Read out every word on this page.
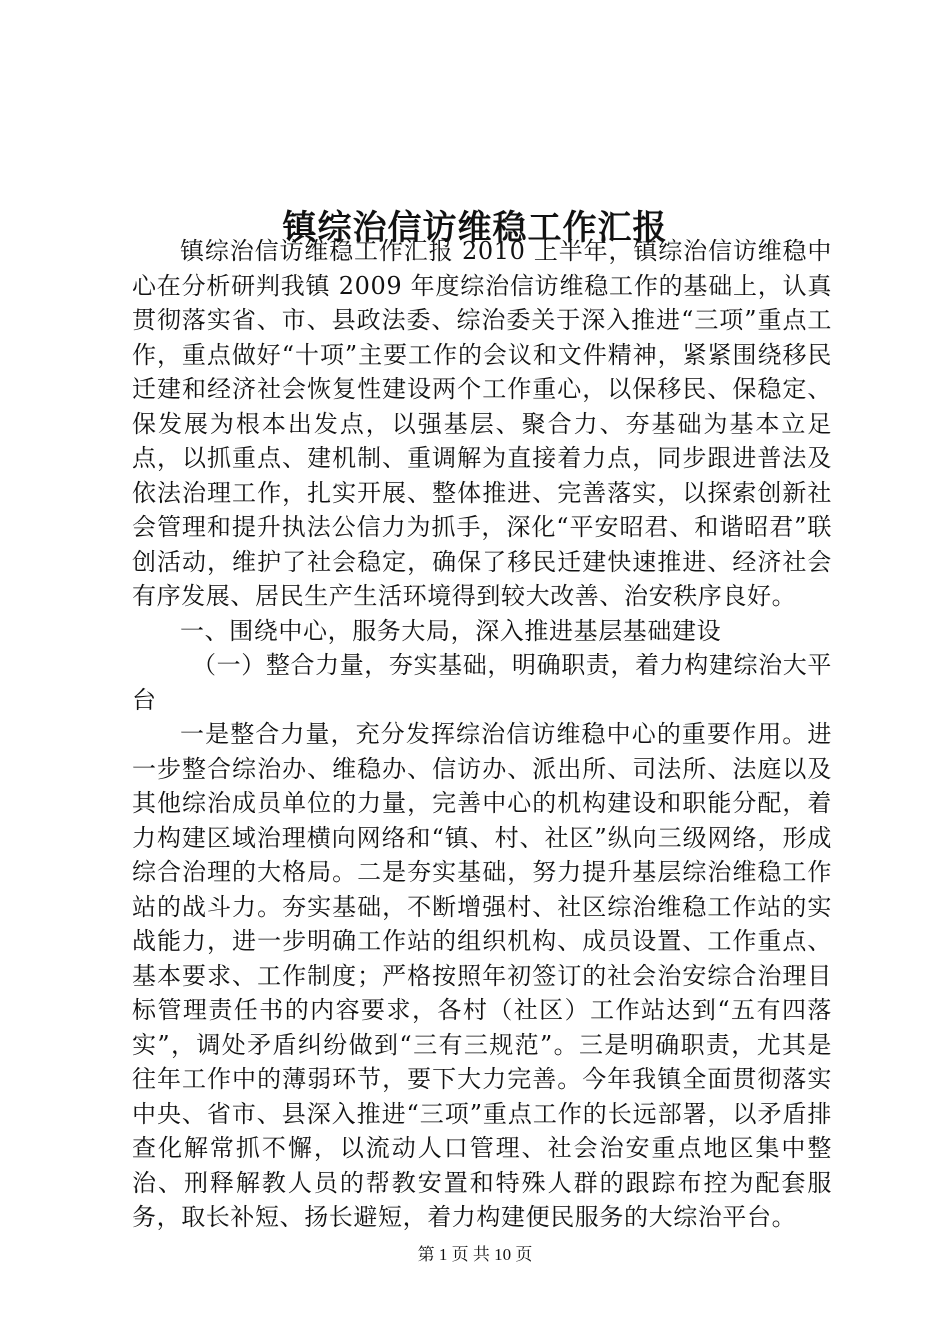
镇综治信访维稳工作汇报

镇综治信访维稳工作汇报 2010 上半年，镇综治信访维稳中心在分析研判我镇 2009 年度综治信访维稳工作的基础上，认真贯彻落实省、市、县政法委、综治委关于深入推进“三项”重点工作，重点做好“十项”主要工作的会议和文件精神，紧紧围绕移民迁建和经济社会恢复性建设两个工作重心，以保移民、保稳定、保发展为根本出发点，以强基层、聚合力、夯基础为基本立足点，以抓重点、建机制、重调解为直接着力点，同步跟进普法及依法治理工作，扎实开展、整体推进、完善落实，以探索创新社会管理和提升执法公信力为抓手，深化“平安昭君、和谐昭君”联创活动，维护了社会稳定，确保了移民迁建快速推进、经济社会有序发展、居民生产生活环境得到较大改善、治安秩序良好。

一、围绕中心，服务大局，深入推进基层基础建设

（一）整合力量，夯实基础，明确职责，着力构建综治大平台

一是整合力量，充分发挥综治信访维稳中心的重要作用。进一步整合综治办、维稳办、信访办、派出所、司法所、法庭以及其他综治成员单位的力量，完善中心的机构建设和职能分配，着力构建区域治理横向网络和“镇、村、社区”纵向三级网络，形成综合治理的大格局。二是夯实基础，努力提升基层综治维稳工作站的战斗力。夯实基础，不断增强村、社区综治维稳工作站的实战能力，进一步明确工作站的组织机构、成员设置、工作重点、基本要求、工作制度；严格按照年初签订的社会治安综合治理目标管理责任书的内容要求，各村（社区）工作站达到“五有四落实”，调处矛盾纠纷做到“三有三规范”。三是明确职责，尤其是往年工作中的薄弱环节，要下大力完善。今年我镇全面贯彻落实中央、省市、县深入推进“三项”重点工作的长远部署，以矛盾排查化解常抓不懈，以流动人口管理、社会治安重点地区集中整治、刑释解教人员的帮教安置和特殊人群的跟踪布控为配套服务，取长补短、扬长避短，着力构建便民服务的大综治平台。

第 1 页 共 10 页
